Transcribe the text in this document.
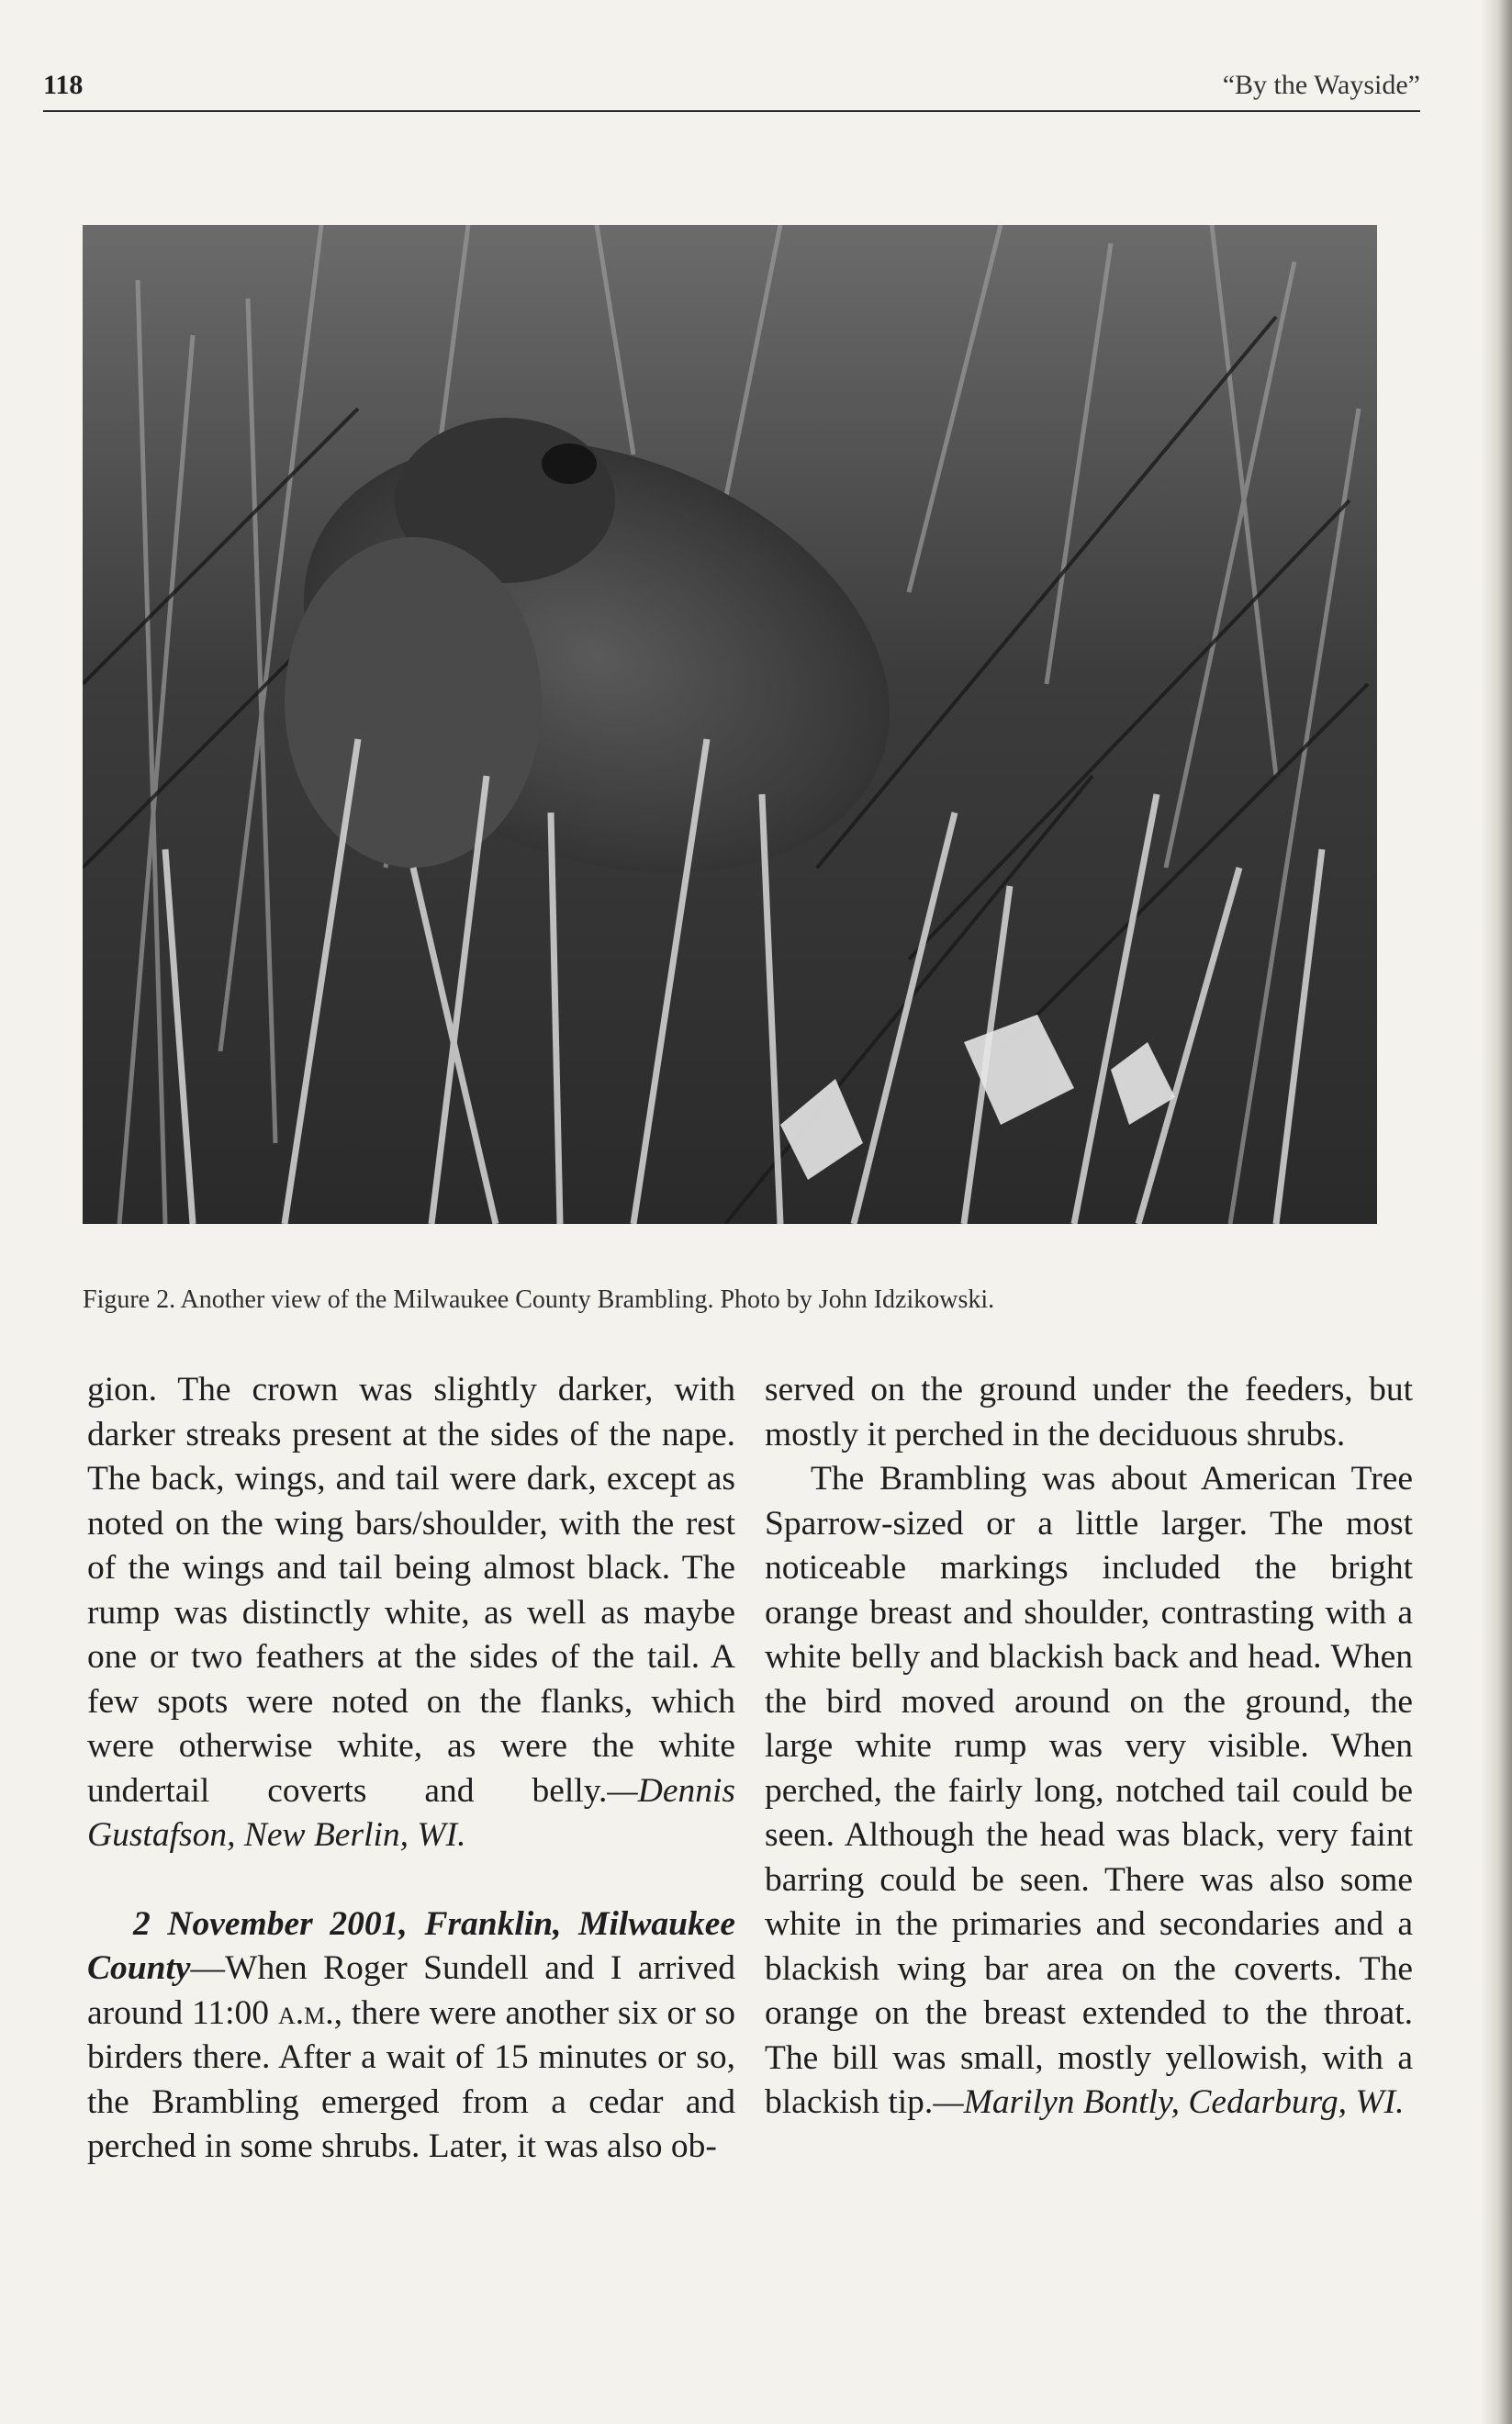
118	“By the Wayside”
Figure 2. Another view of the Milwaukee County Brambling. Photo by John Idzikowski.

gion. The crown was slightly darker, with darker streaks present at the sides of the nape. The back, wings, and tail were dark, except as noted on the wing bars/shoulder, with the rest of the wings and tail being almost black. The rump was distinctly white, as well as maybe one or two feathers at the sides of the tail. A few spots were noted on the flanks, which were otherwise white, as were the white undertail coverts and belly.—Dennis Gustafson, New Berlin, WI.

2 November 2001, Franklin, Milwaukee County—When Roger Sundell and I arrived around 11:00 a.m., there were another six or so birders there. After a wait of 15 minutes or so, the Brambling emerged from a cedar and perched in some shrubs. Later, it was also ob-

served on the ground under the feeders, but mostly it perched in the deciduous shrubs.

The Brambling was about American Tree Sparrow-sized or a little larger. The most noticeable markings included the bright orange breast and shoulder, contrasting with a white belly and blackish back and head. When the bird moved around on the ground, the large white rump was very visible. When perched, the fairly long, notched tail could be seen. Although the head was black, very faint barring could be seen. There was also some white in the primaries and secondaries and a blackish wing bar area on the coverts. The orange on the breast extended to the throat. The bill was small, mostly yellowish, with a blackish tip.—Marilyn Bontly, Cedarburg, WI.
